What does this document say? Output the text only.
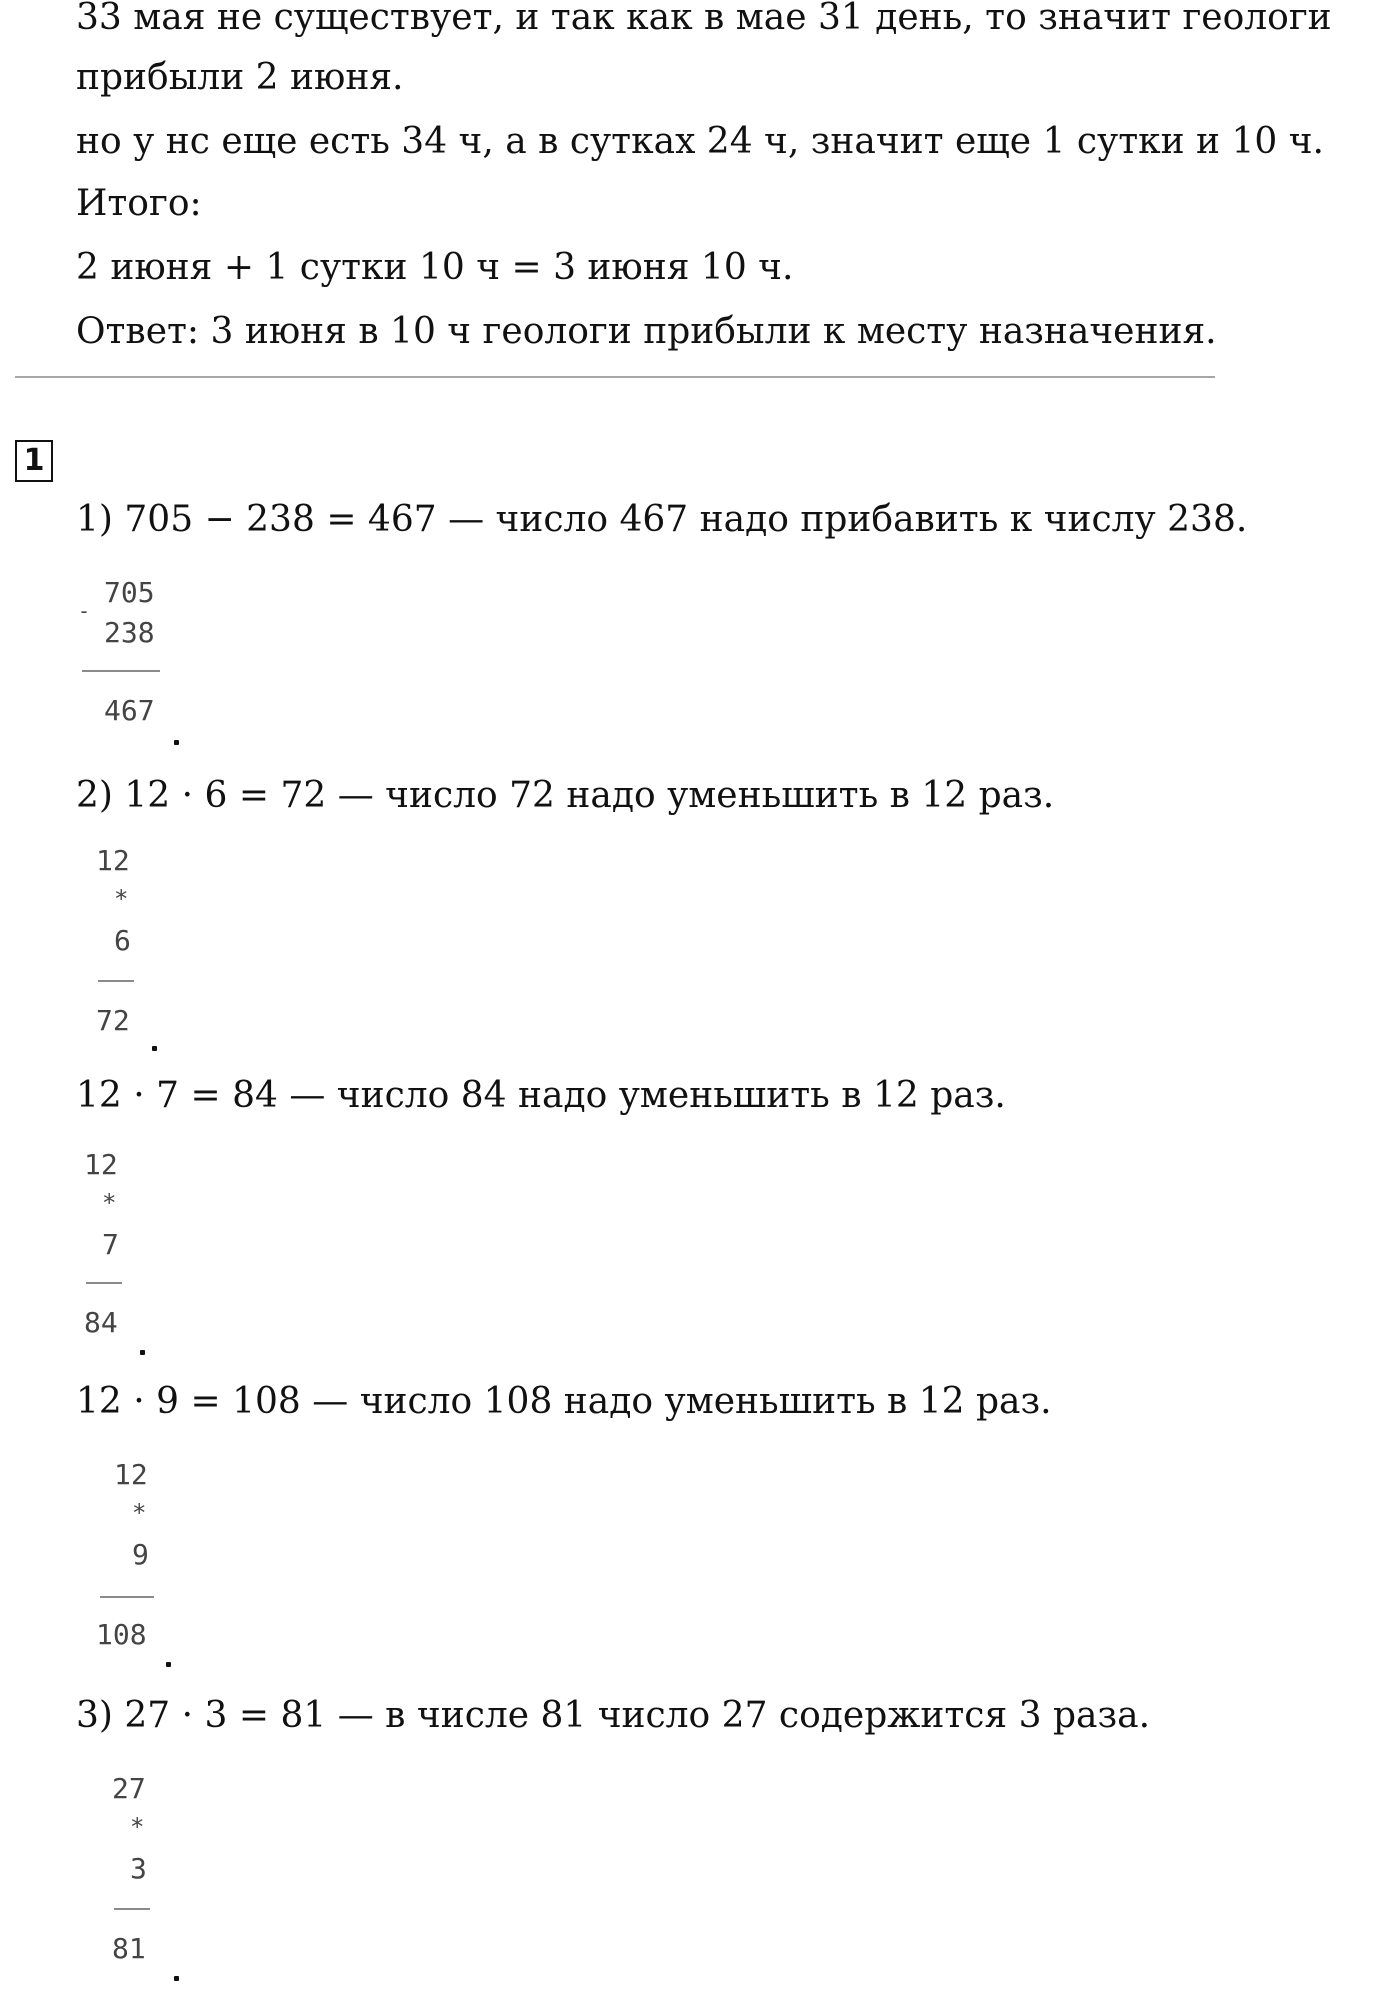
33 мая не существует, и так как в мае 31 день, то значит геологи
прибыли 2 июня.
но у нс еще есть 34 ч, а в сутках 24 ч, значит еще 1 сутки и 10 ч.
Итого:
2 июня + 1 сутки 10 ч = 3 июня 10 ч.
Ответ: 3 июня в 10 ч геологи прибыли к месту назначения.
1
1) 705 − 238 = 467 — число 467 надо прибавить к числу 238.
705
-
238
467
2) 12 · 6 = 72 — число 72 надо уменьшить в 12 раз.
12
*
6
72
12 · 7 = 84 — число 84 надо уменьшить в 12 раз.
12
*
7
84
12 · 9 = 108 — число 108 надо уменьшить в 12 раз.
12
*
9
108
3) 27 · 3 = 81 — в числе 81 число 27 содержится 3 раза.
27
*
3
81
